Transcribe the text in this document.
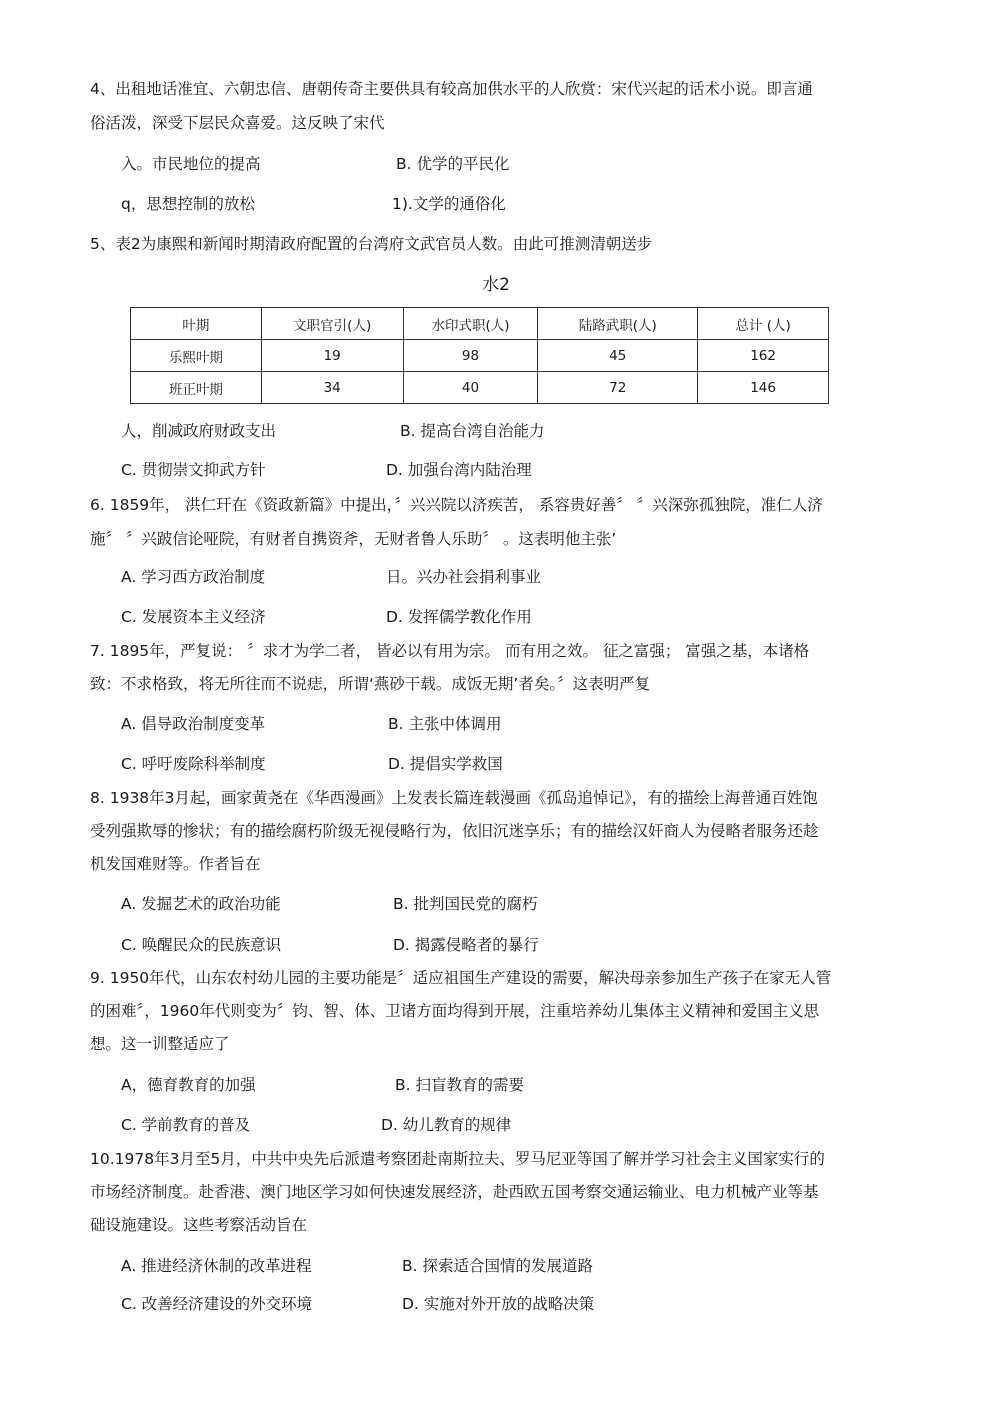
4、出租地话准宜、六朝忠信、唐朝传奇主要供具有较高加供水平的人欣赏：宋代兴起的话术小说。即言通
俗活泼，深受下层民众喜爱。这反映了宋代
入。市民地位的提高	B. 优学的平民化
q，思想控制的放松	1).文学的通俗化
5、表2为康熙和新闻时期清政府配置的台湾府文武官员人数。由此可推测清朝送步
水2
叶期	文职官引(人)	水印式职(人)	陆路武职(人)	总计 (人)
乐熙叶期	19	98	45	162
班正叶期	34	40	72	146
人，削减政府财政支出	B. 提高台湾自治能力
C. 贯彻崇文抑武方针	D. 加强台湾内陆治理
6. 1859年， 洪仁玕在《资政新篇》中提出，〞兴兴院以济疾苦， 系容贵好善〞 〞兴深弥孤独院，准仁人济
施〞 〞兴跛信论哑院，有财者自携资斧，无财者鲁人乐助〞 。这表明他主张’
A. 学习西方政治制度	日。兴办社会捐利事业
C. 发展资本主义经济	D. 发挥儒学教化作用
7. 1895年，严复说： 〞求才为学二者， 皆必以有用为宗。 而有用之效。 征之富强； 富强之基，本诸格
致：不求格致，将无所往而不说痣，所谓‘燕砂干载。成饭无期’者矣。〞这表明严复
A. 倡导政治制度变革	B. 主张中体调用
C. 呼吁废除科举制度	D. 提倡实学救国
8. 1938年3月起，画家黄尧在《华西漫画》上发表长篇连载漫画《孤岛追悼记》，有的描绘上海普通百姓饱
受列强欺辱的惨状；有的描绘腐朽阶级无视侵略行为，依旧沉迷享乐；有的描绘汉奸商人为侵略者服务还趁
机发国难财等。作者旨在
A. 发掘艺术的政治功能	B. 批判国民党的腐朽
C. 唤醒民众的民族意识	D. 揭露侵略者的暴行
9. 1950年代，山东农村幼儿园的主要功能是〞适应祖国生产建设的需要，解决母亲参加生产孩子在家无人管
的困难〞，1960年代则变为〞钧、智、体、卫诸方面均得到开展，注重培养幼儿集体主义精神和爱国主义思
想。这一训整适应了
A，德育教育的加强	B. 扫盲教育的需要
C. 学前教育的普及	D. 幼儿教育的规律
10.1978年3月至5月，中共中央先后派遣考察团赴南斯拉夫、罗马尼亚等国了解并学习社会主义国家实行的
市场经济制度。赴香港、澳门地区学习如何快速发展经济，赴西欧五国考察交通运输业、电力机械产业等基
础设施建设。这些考察活动旨在
A. 推进经济休制的改革进程	B. 探索适合国情的发展道路
C. 改善经济建设的外交环境	D. 实施对外开放的战略决策
